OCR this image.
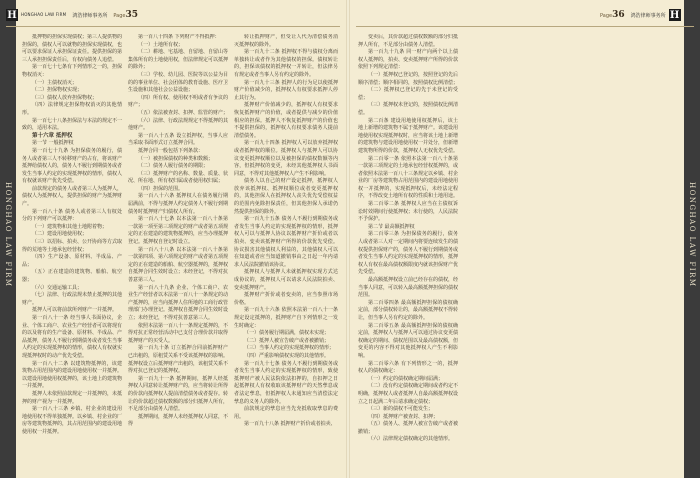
HONGHAO LAW FIRM	HONGHAO LAW FIRM
H	HONGHAO LAW FIRM 鸿浩律师事务所 Page35	Page36 鸿浩律师事务所 H

抵押物的担保实现债权；第三人提供物的担保的，债权人可以就物的担保实现债权，也可以要求保证人承担保证责任。提供担保的第三人承担担保责任后，有权向债务人追偿。

第一百七十七条有下列情形之一的，担保物权消灭：

（一）主债权消灭；

（二）担保物权实现；

（三）债权人放弃担保物权；

（四）法律规定担保物权消灭的其他情形。

第一百七十八条担保法与本法的规定不一致的，适用本法。

第十六章 抵押权

第一节 一般抵押权

第一百七十九条 为担保债务的履行，债务人或者第三人不转移财产的占有，将该财产抵押给债权人的，债务人不履行到期债务或者发生当事人约定的实现抵押权的情形，债权人有权就该财产优先受偿。

前款规定的债务人或者第三人为抵押人，债权人为抵押权人，提供担保的财产为抵押财产。

第一百八十条 债务人或者第三人有权处分的下列财产可以抵押：

（一）建筑物和其他土地附着物；

（二）建设用地使用权；

（三）以招标、拍卖、公开协商等方式取得的荒地等土地承包经营权；

（四）生产设备、原材料、半成品、产品；

（五）正在建造的建筑物、船舶、航空器；

（六）交通运输工具；

（七）法律、行政法规未禁止抵押的其他财产。

抵押人可以将前款所列财产一并抵押。

第一百八十一条 经当事人书面协议，企业、个体工商户、农业生产经营者可以将现有的以及将有的生产设备、原材料、半成品、产品抵押，债务人不履行到期债务或者发生当事人约定的实现抵押权的情形，债权人有权就实现抵押权时的动产优先受偿。

第一百八十二条 以建筑物抵押的，该建筑物占用范围内的建设用地使用权一并抵押。以建设用地使用权抵押的，该土地上的建筑物一并抵押。

抵押人未依照前款规定一并抵押的，未抵押的财产视为一并抵押。

第一百八十三条 乡镇、村企业的建设用地使用权不得单独抵押。以乡镇、村企业的厂房等建筑物抵押的，其占用范围内的建设用地使用权一并抵押。

第一百八十四条 下列财产不得抵押：

（一）土地所有权；

（二）耕地、宅基地、自留地、自留山等集体所有的土地使用权，但法律规定可以抵押的除外；

（三）学校、幼儿园、医院等以公益为目的的事业单位、社会团体的教育设施、医疗卫生设施和其他社会公益设施；

（四）所有权、使用权不明或者有争议的财产；

（五）依法被查封、扣押、监管的财产；

（六）法律、行政法规规定不得抵押的其他财产。

第一百八十五条 设立抵押权，当事人应当采取书面形式订立抵押合同。

抵押合同一般包括下列条款：

（一）被担保债权的种类和数额；

（二）债务人履行债务的期限；

（三）抵押财产的名称、数量、质量、状况、所在地、所有权归属或者使用权归属；

（四）担保的范围。

第一百八十六条 抵押权人在债务履行期届满前，不得与抵押人约定债务人不履行到期债务时抵押财产归债权人所有。

第一百八十七条 以本法第一百八十条第一款第一项至第三项规定的财产或者第五项规定的正在建造的建筑物抵押的，应当办理抵押登记。抵押权自登记时设立。

第一百八十八条 以本法第一百八十条第一款第四项、第六项规定的财产或者第五项规定的正在建造的船舶、航空器抵押的，抵押权自抵押合同生效时设立；未经登记，不得对抗善意第三人。

第一百八十九条 企业、个体工商户、农业生产经营者以本法第一百八十一条规定的动产抵押的，应当向抵押人住所地的工商行政管理部门办理登记。抵押权自抵押合同生效时设立；未经登记，不得对抗善意第三人。

依照本法第一百八十一条规定抵押的，不得对抗正常经营活动中已支付合理价款并取得抵押财产的买受人。

第一百九十条 订立抵押合同前抵押财产已出租的，原租赁关系不受该抵押权的影响。抵押权设立后抵押财产出租的，该租赁关系不得对抗已登记的抵押权。

第一百九十一条 抵押期间，抵押人经抵押权人同意转让抵押财产的，应当将转让所得的价款向抵押权人提前清偿债务或者提存。转让的价款超过债权数额的部分归抵押人所有，不足部分由债务人清偿。

抵押期间，抵押人未经抵押权人同意，不得

转让抵押财产，但受让人代为清偿债务消灭抵押权的除外。

第一百九十二条 抵押权不得与债权分离而单独转让或者作为其他债权的担保。债权转让的，担保该债权的抵押权一并转让，但法律另有规定或者当事人另有约定的除外。

第一百九十三条 抵押人的行为足以使抵押财产价值减少的，抵押权人有权要求抵押人停止其行为。

抵押财产价值减少的，抵押权人有权要求恢复抵押财产的价值，或者提供与减少的价值相应的担保。抵押人不恢复抵押财产的价值也不提供担保的，抵押权人有权要求债务人提前清偿债务。

第一百九十四条 抵押权人可以放弃抵押权或者抵押权的顺位。抵押权人与抵押人可以协议变更抵押权顺位以及被担保的债权数额等内容，但抵押权的变更，未经其他抵押权人书面同意，不得对其他抵押权人产生不利影响。

债务人以自己的财产设定抵押，抵押权人放弃该抵押权、抵押权顺位或者变更抵押权的，其他担保人在抵押权人丧失优先受偿权益的范围内免除担保责任，但其他担保人承诺仍然提供担保的除外。

第一百九十五条 债务人不履行到期债务或者发生当事人约定的实现抵押权的情形，抵押权人可以与抵押人协议以抵押财产折价或者以拍卖、变卖该抵押财产所得的价款优先受偿。协议损害其他债权人利益的，其他债权人可以在知道或者应当知道撤销事由之日起一年内请求人民法院撤销该协议。

抵押权人与抵押人未就抵押权实现方式达成协议的，抵押权人可以请求人民法院拍卖、变卖抵押财产。

抵押财产折价或者变卖的，应当参照市场价格。

第一百九十六条 依照本法第一百八十一条规定设定抵押的，抵押财产自下列情形之一发生时确定：

（一）债务履行期届满，债权未实现；

（二）抵押人被宣告破产或者被撤销；

（三）当事人约定的实现抵押权的情形；

（四）严重影响债权实现的其他情形。

第一百九十七条 债务人不履行到期债务或者发生当事人约定的实现抵押权的情形，致使抵押财产被人民法院依法扣押的，自扣押之日起抵押权人有权收取该抵押财产的天然孳息或者法定孳息，但抵押权人未通知应当清偿法定孳息的义务人的除外。

前款规定的孳息应当先充抵收取孳息的费用。

第一百九十八条 抵押财产折价或者拍卖、

变卖后，其价款超过债权数额的部分归抵押人所有，不足部分由债务人清偿。

第一百九十九条 同一财产向两个以上债权人抵押的，拍卖、变卖抵押财产所得的价款依照下列规定清偿：

（一）抵押权已登记的，按照登记的先后顺序清偿；顺序相同的，按照债权比例清偿；

（二）抵押权已登记的先于未登记的受偿；

（三）抵押权未登记的，按照债权比例清偿。

第二百条 建设用地使用权抵押后，该土地上新增的建筑物不属于抵押财产。该建设用地使用权实现抵押权时，应当将该土地上新增的建筑物与建设用地使用权一并处分，但新增建筑物所得的价款，抵押权人无权优先受偿。

第二百零一条 依照本法第一百八十条第一款第三项规定的土地承包经营权抵押的，或者依照本法第一百八十三条规定以乡镇、村企业的厂房等建筑物占用范围内的建设用地使用权一并抵押的，实现抵押权后，未经法定程序，不得改变土地所有权的性质和土地用途。

第二百零二条 抵押权人应当在主债权诉讼时效期间行使抵押权；未行使的，人民法院不予保护。

第二节 最高额抵押权

第二百零三条 为担保债务的履行，债务人或者第三人对一定期间内将要连续发生的债权提供担保财产的，债务人不履行到期债务或者发生当事人约定的实现抵押权的情形，抵押权人有权在最高债权额限度内就该担保财产优先受偿。

最高额抵押权设立前已经存在的债权，经当事人同意，可以转入最高额抵押担保的债权范围。

第二百零四条 最高额抵押担保的债权确定前，部分债权转让的，最高额抵押权不得转让，但当事人另有约定的除外。

第二百零五条 最高额抵押担保的债权确定前，抵押权人与抵押人可以通过协议变更债权确定的期间、债权范围以及最高债权额，但变更的内容不得对其他抵押权人产生不利影响。

第二百零六条 有下列情形之一的，抵押权人的债权确定：

（一）约定的债权确定期间届满；

（二）没有约定债权确定期间或者约定不明确，抵押权人或者抵押人自最高额抵押权设立之日起满二年后请求确定债权；

（三）新的债权不可能发生；

（四）抵押财产被查封、扣押；

（五）债务人、抵押人被宣告破产或者被撤销；

（六）法律规定债权确定的其他情形。
